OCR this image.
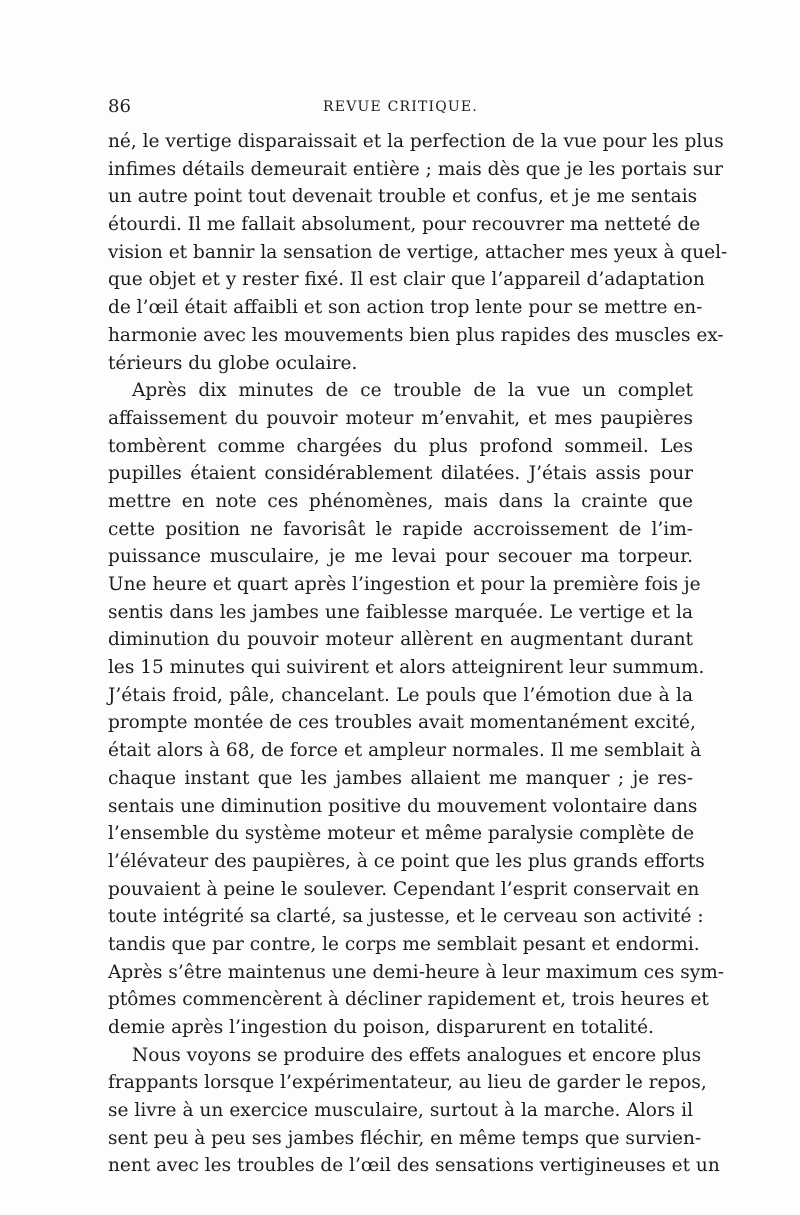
86	REVUE CRITIQUE.
né, le vertige disparaissait et la perfection de la vue pour les plus
infimes détails demeurait entière ; mais dès que je les portais sur
un autre point tout devenait trouble et confus, et je me sentais
étourdi. Il me fallait absolument, pour recouvrer ma netteté de
vision et bannir la sensation de vertige, attacher mes yeux à quel-
que objet et y rester fixé. Il est clair que l’appareil d’adaptation
de l’œil était affaibli et son action trop lente pour se mettre en-
harmonie avec les mouvements bien plus rapides des muscles ex-
térieurs du globe oculaire.
Après dix minutes de ce trouble de la vue un complet
affaissement du pouvoir moteur m’envahit, et mes paupières
tombèrent comme chargées du plus profond sommeil. Les
pupilles étaient considérablement dilatées. J’étais assis pour
mettre en note ces phénomènes, mais dans la crainte que
cette position ne favorisât le rapide accroissement de l’im-
puissance musculaire, je me levai pour secouer ma torpeur.
Une heure et quart après l’ingestion et pour la première fois je
sentis dans les jambes une faiblesse marquée. Le vertige et la
diminution du pouvoir moteur allèrent en augmentant durant
les 15 minutes qui suivirent et alors atteignirent leur summum.
J’étais froid, pâle, chancelant. Le pouls que l’émotion due à la
prompte montée de ces troubles avait momentanément excité,
était alors à 68, de force et ampleur normales. Il me semblait à
chaque instant que les jambes allaient me manquer ; je res-
sentais une diminution positive du mouvement volontaire dans
l’ensemble du système moteur et même paralysie complète de
l’élévateur des paupières, à ce point que les plus grands efforts
pouvaient à peine le soulever. Cependant l’esprit conservait en
toute intégrité sa clarté, sa justesse, et le cerveau son activité :
tandis que par contre, le corps me semblait pesant et endormi.
Après s’être maintenus une demi-heure à leur maximum ces sym-
ptômes commencèrent à décliner rapidement et, trois heures et
demie après l’ingestion du poison, disparurent en totalité.
Nous voyons se produire des effets analogues et encore plus
frappants lorsque l’expérimentateur, au lieu de garder le repos,
se livre à un exercice musculaire, surtout à la marche. Alors il
sent peu à peu ses jambes fléchir, en même temps que survien-
nent avec les troubles de l’œil des sensations vertigineuses et un
